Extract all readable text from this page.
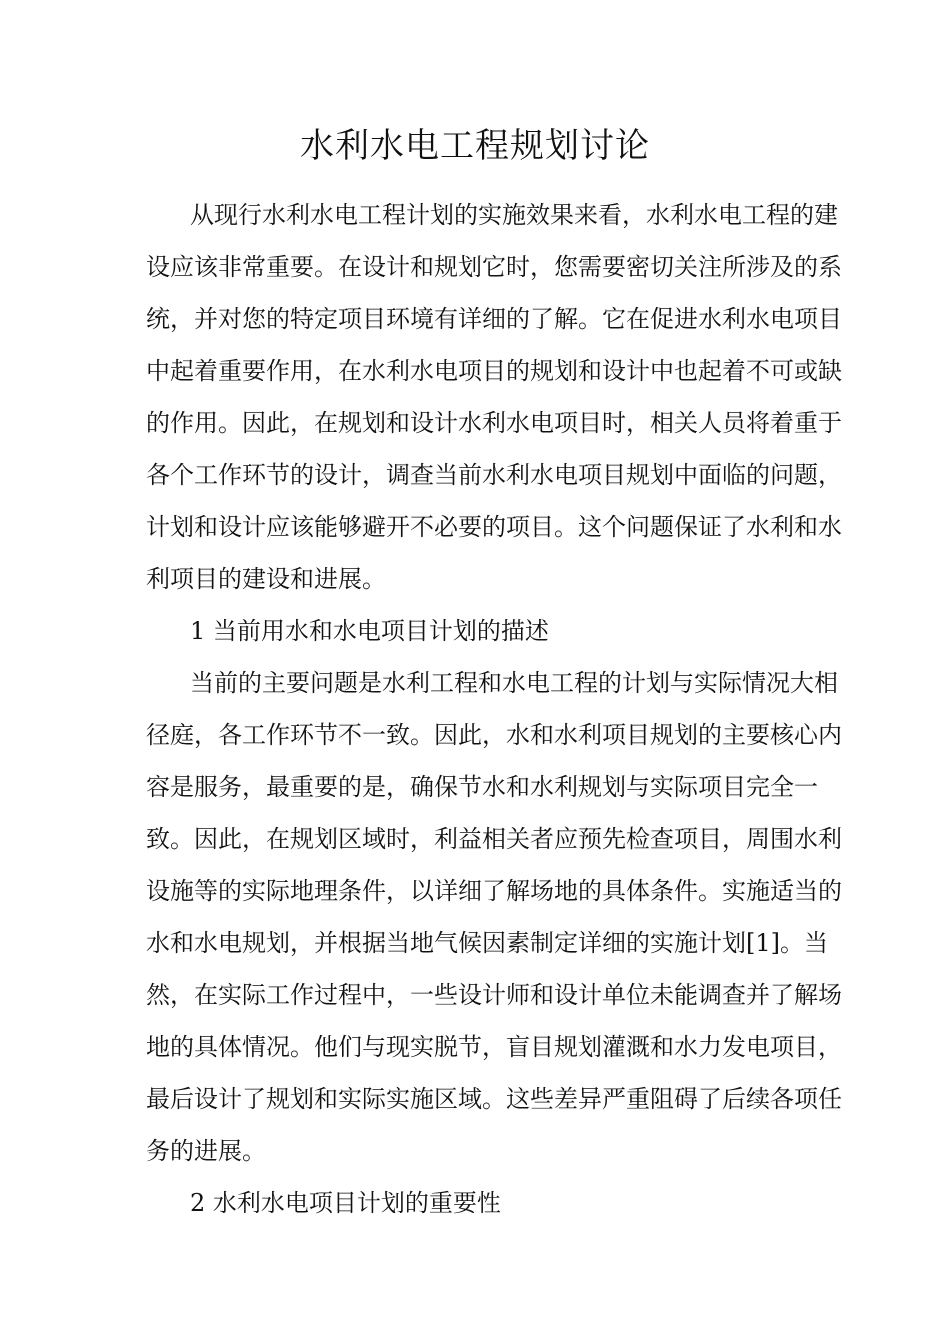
水利水电工程规划讨论

从现行水利水电工程计划的实施效果来看，水利水电工程的建

设应该非常重要。在设计和规划它时，您需要密切关注所涉及的系

统，并对您的特定项目环境有详细的了解。它在促进水利水电项目

中起着重要作用，在水利水电项目的规划和设计中也起着不可或缺

的作用。因此，在规划和设计水利水电项目时，相关人员将着重于

各个工作环节的设计，调查当前水利水电项目规划中面临的问题，

计划和设计应该能够避开不必要的项目。这个问题保证了水利和水

利项目的建设和进展。

1 当前用水和水电项目计划的描述

当前的主要问题是水利工程和水电工程的计划与实际情况大相

径庭，各工作环节不一致。因此，水和水利项目规划的主要核心内

容是服务，最重要的是，确保节水和水利规划与实际项目完全一

致。因此，在规划区域时，利益相关者应预先检查项目，周围水利

设施等的实际地理条件，以详细了解场地的具体条件。实施适当的

水和水电规划，并根据当地气候因素制定详细的实施计划[1]。当

然，在实际工作过程中，一些设计师和设计单位未能调查并了解场

地的具体情况。他们与现实脱节，盲目规划灌溉和水力发电项目，

最后设计了规划和实际实施区域。这些差异严重阻碍了后续各项任

务的进展。

2 水利水电项目计划的重要性
